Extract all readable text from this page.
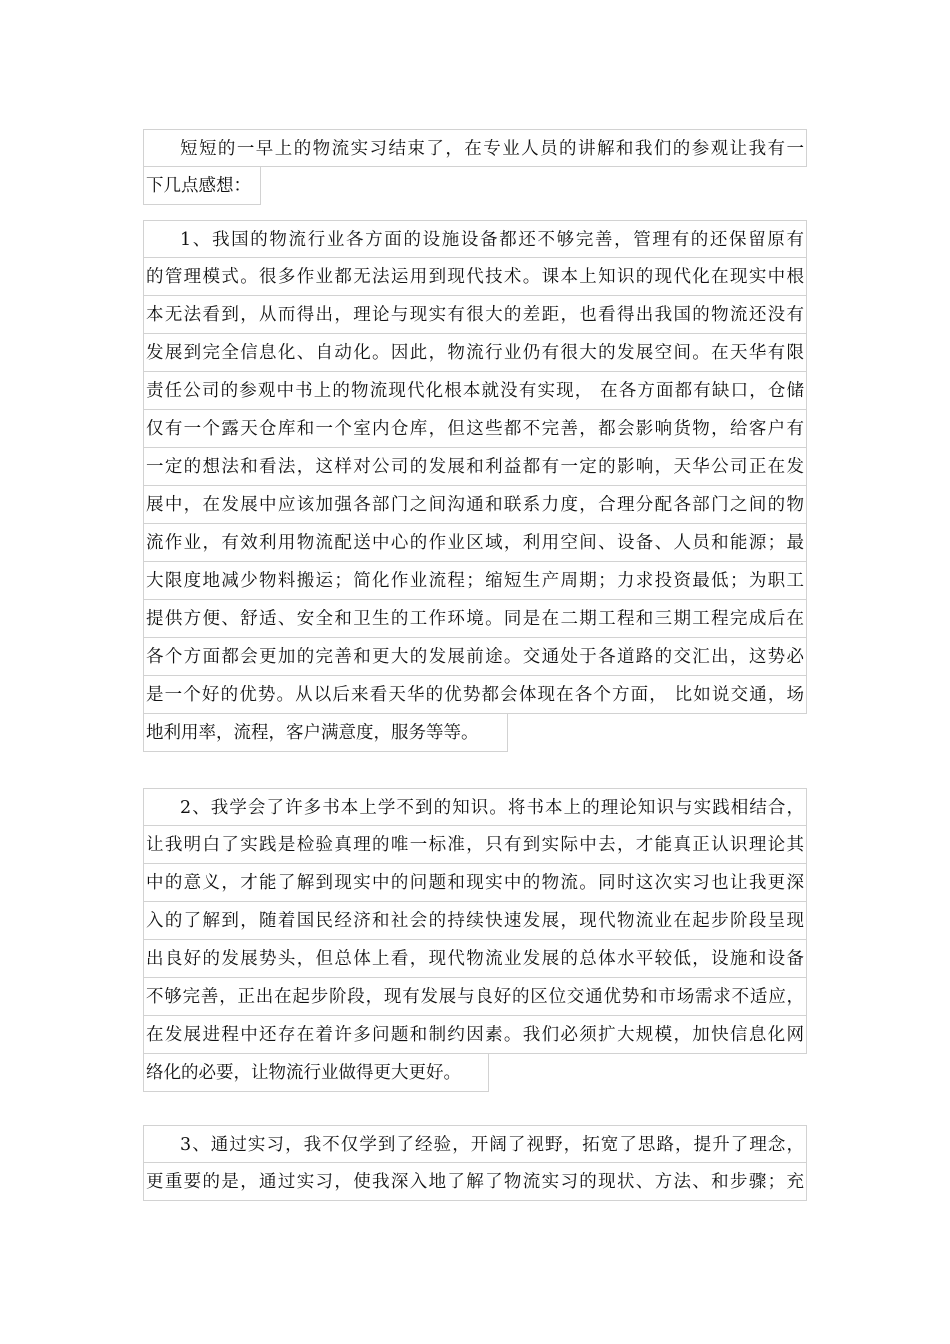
短短的一早上的物流实习结束了，在专业人员的讲解和我们的参观让我有一
下几点感想：
1、我国的物流行业各方面的设施设备都还不够完善，管理有的还保留原有
的管理模式。很多作业都无法运用到现代技术。课本上知识的现代化在现实中根
本无法看到，从而得出，理论与现实有很大的差距，也看得出我国的物流还没有
发展到完全信息化、自动化。因此，物流行业仍有很大的发展空间。在天华有限
责任公司的参观中书上的物流现代化根本就没有实现， 在各方面都有缺口，仓储
仅有一个露天仓库和一个室内仓库，但这些都不完善，都会影响货物，给客户有
一定的想法和看法，这样对公司的发展和利益都有一定的影响，天华公司正在发
展中，在发展中应该加强各部门之间沟通和联系力度，合理分配各部门之间的物
流作业，有效利用物流配送中心的作业区域，利用空间、设备、人员和能源；最
大限度地减少物料搬运；简化作业流程；缩短生产周期；力求投资最低；为职工
提供方便、舒适、安全和卫生的工作环境。同是在二期工程和三期工程完成后在
各个方面都会更加的完善和更大的发展前途。交通处于各道路的交汇出，这势必
是一个好的优势。从以后来看天华的优势都会体现在各个方面， 比如说交通，场
地利用率，流程，客户满意度，服务等等。
2、我学会了许多书本上学不到的知识。将书本上的理论知识与实践相结合，
让我明白了实践是检验真理的唯一标准，只有到实际中去，才能真正认识理论其
中的意义，才能了解到现实中的问题和现实中的物流。同时这次实习也让我更深
入的了解到，随着国民经济和社会的持续快速发展，现代物流业在起步阶段呈现
出良好的发展势头，但总体上看，现代物流业发展的总体水平较低，设施和设备
不够完善，正出在起步阶段，现有发展与良好的区位交通优势和市场需求不适应，
在发展进程中还存在着许多问题和制约因素。我们必须扩大规模，加快信息化网
络化的必要，让物流行业做得更大更好。
3、通过实习，我不仅学到了经验，开阔了视野，拓宽了思路，提升了理念，
更重要的是，通过实习，使我深入地了解了物流实习的现状、方法、和步骤；充
